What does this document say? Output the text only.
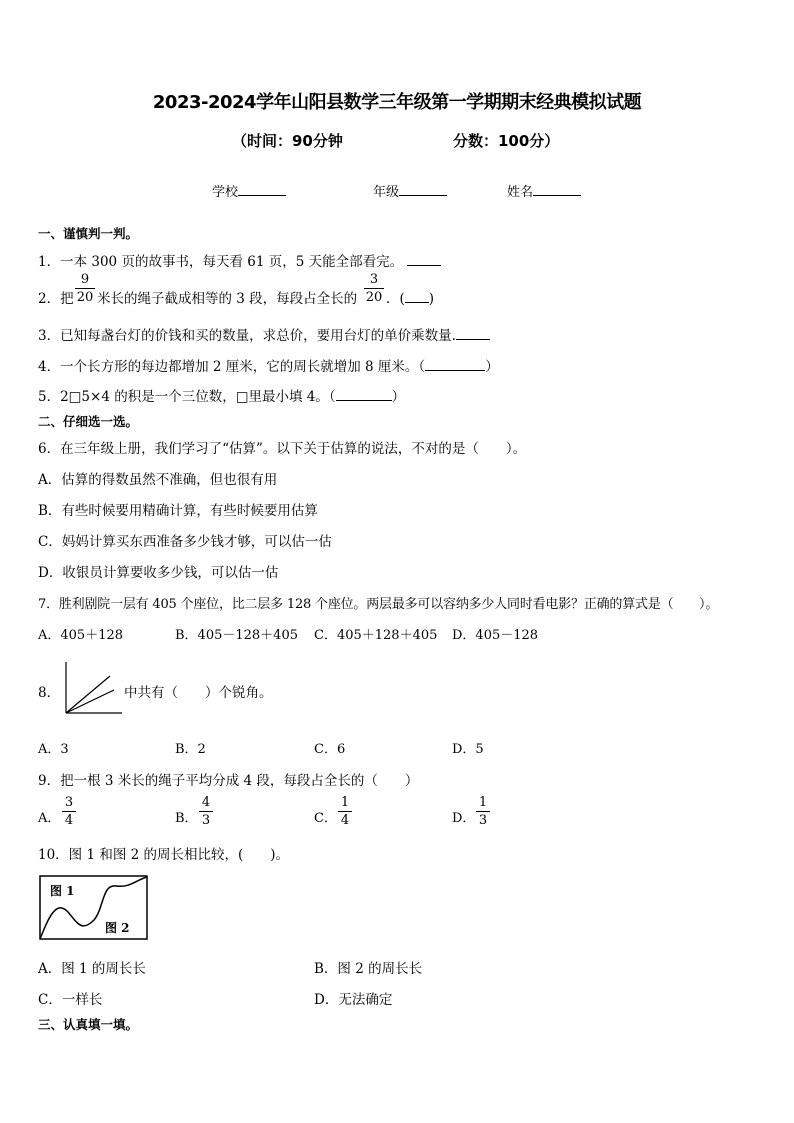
2023-2024学年山阳县数学三年级第一学期期末经典模拟试题
（时间：90分钟	分数：100分）
学校	年级	姓名
一、谨慎判一判。
1．一本 300 页的故事书，每天看 61 页，5 天能全部看完。
2．把
9
20 米长的绳子截成相等的 3 段，每段占全长的
3
20 ．( )
3．已知每盏台灯的价钱和买的数量，求总价，要用台灯的单价乘数量.
4．一个长方形的每边都增加 2 厘米，它的周长就增加 8 厘米。（	）
5．2□5×4 的积是一个三位数，□里最小填 4。（	）
二、仔细选一选。
6．在三年级上册，我们学习了“估算”。以下关于估算的说法，不对的是（　　）。
A．估算的得数虽然不准确，但也很有用
B．有些时候要用精确计算，有些时候要用估算
C．妈妈计算买东西准备多少钱才够，可以估一估
D．收银员计算要收多少钱，可以估一估
7．胜利剧院一层有 405 个座位，比二层多 128 个座位。两层最多可以容纳多少人同时看电影？正确的算式是（　　）。
A．405＋128	B．405－128＋405 C．405＋128＋405 D．405－128
8．	中共有（　　）个锐角。
A．3	B．2	C．6	D．5
9．把一根 3 米长的绳子平均分成 4 段，每段占全长的（　　）
A．
3
4	B．
4
3	C．
1
4	D．
1
3
10．图 1 和图 2 的周长相比较，(　　)。
图 1
图 2
A．图 1 的周长长	B．图 2 的周长长
C．一样长	D．无法确定
三、认真填一填。
